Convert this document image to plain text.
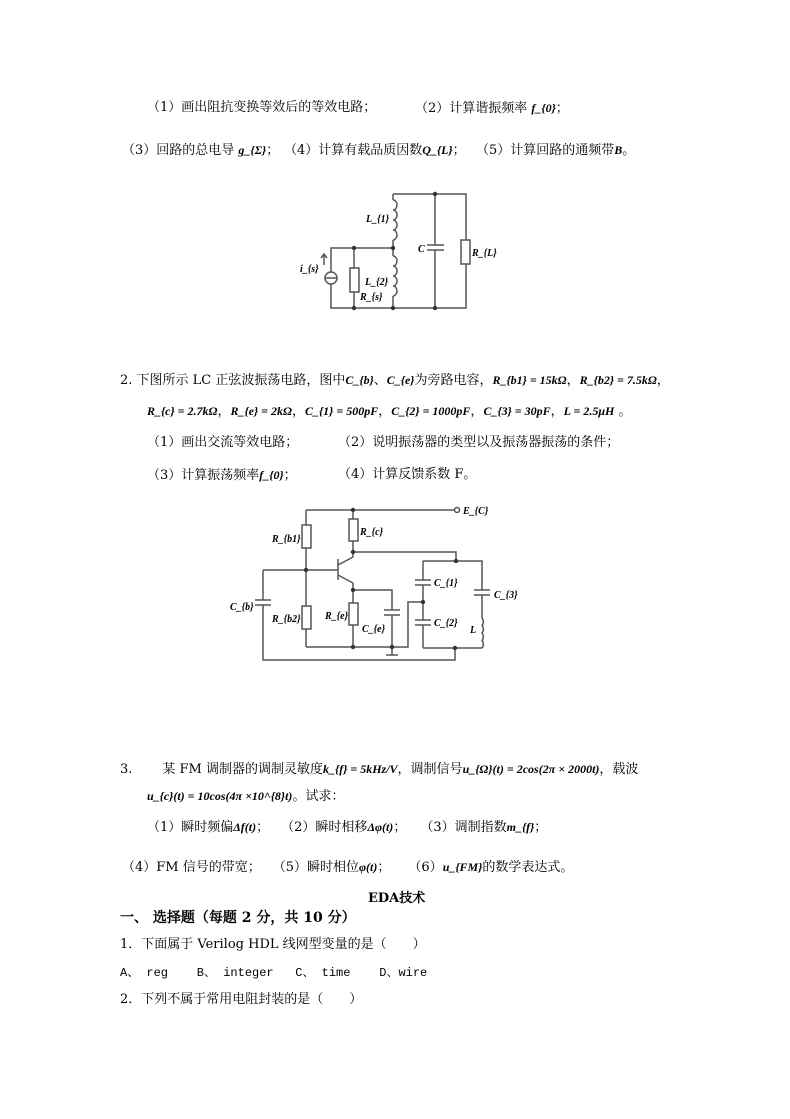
（1）画出阻抗变换等效后的等效电路；	（2）计算谐振频率 f_{0}；
（3）回路的总电导 g_{Σ}； （4）计算有载品质因数Q_{L}； （5）计算回路的通频带B。
L_{1}
L_{2}
C	R_{L}
i_{s}
R_{s}
2. 下图所示 LC 正弦波振荡电路，图中C_{b}、C_{e}为旁路电容，R_{b1} = 15kΩ，R_{b2} = 7.5kΩ，
R_{c} = 2.7kΩ，R_{e} = 2kΩ，C_{1} = 500pF，C_{2} = 1000pF，C_{3} = 30pF，L = 2.5μH 。
（1）画出交流等效电路；	（2）说明振荡器的类型以及振荡器振荡的条件；
（3）计算振荡频率f_{0}；	（4）计算反馈系数 F。
E_{C}
R_{b1}
R_{b2}
R_{c}
R_{e}
C_{e}
C_{b}
C_{1}
C_{2}
C_{3}
L
3. 某 FM 调制器的调制灵敏度k_{f} = 5kHz/V，调制信号u_{Ω}(t) = 2cos(2π × 2000t)，载波
u_{c}(t) = 10cos(4π ×10^{8}t)。试求：
（1）瞬时频偏Δf(t)； （2）瞬时相移Δφ(t)； （3）调制指数m_{f}；
（4）FM 信号的带宽； （5）瞬时相位φ(t)； （6）u_{FM}的数学表达式。
EDA技术
一、 选择题（每题 2 分，共 10 分）
1．下面属于 Verilog HDL 线网型变量的是（　　）
A、 reg    B、 integer   C、 time    D、wire
2．下列不属于常用电阻封装的是（　　）
